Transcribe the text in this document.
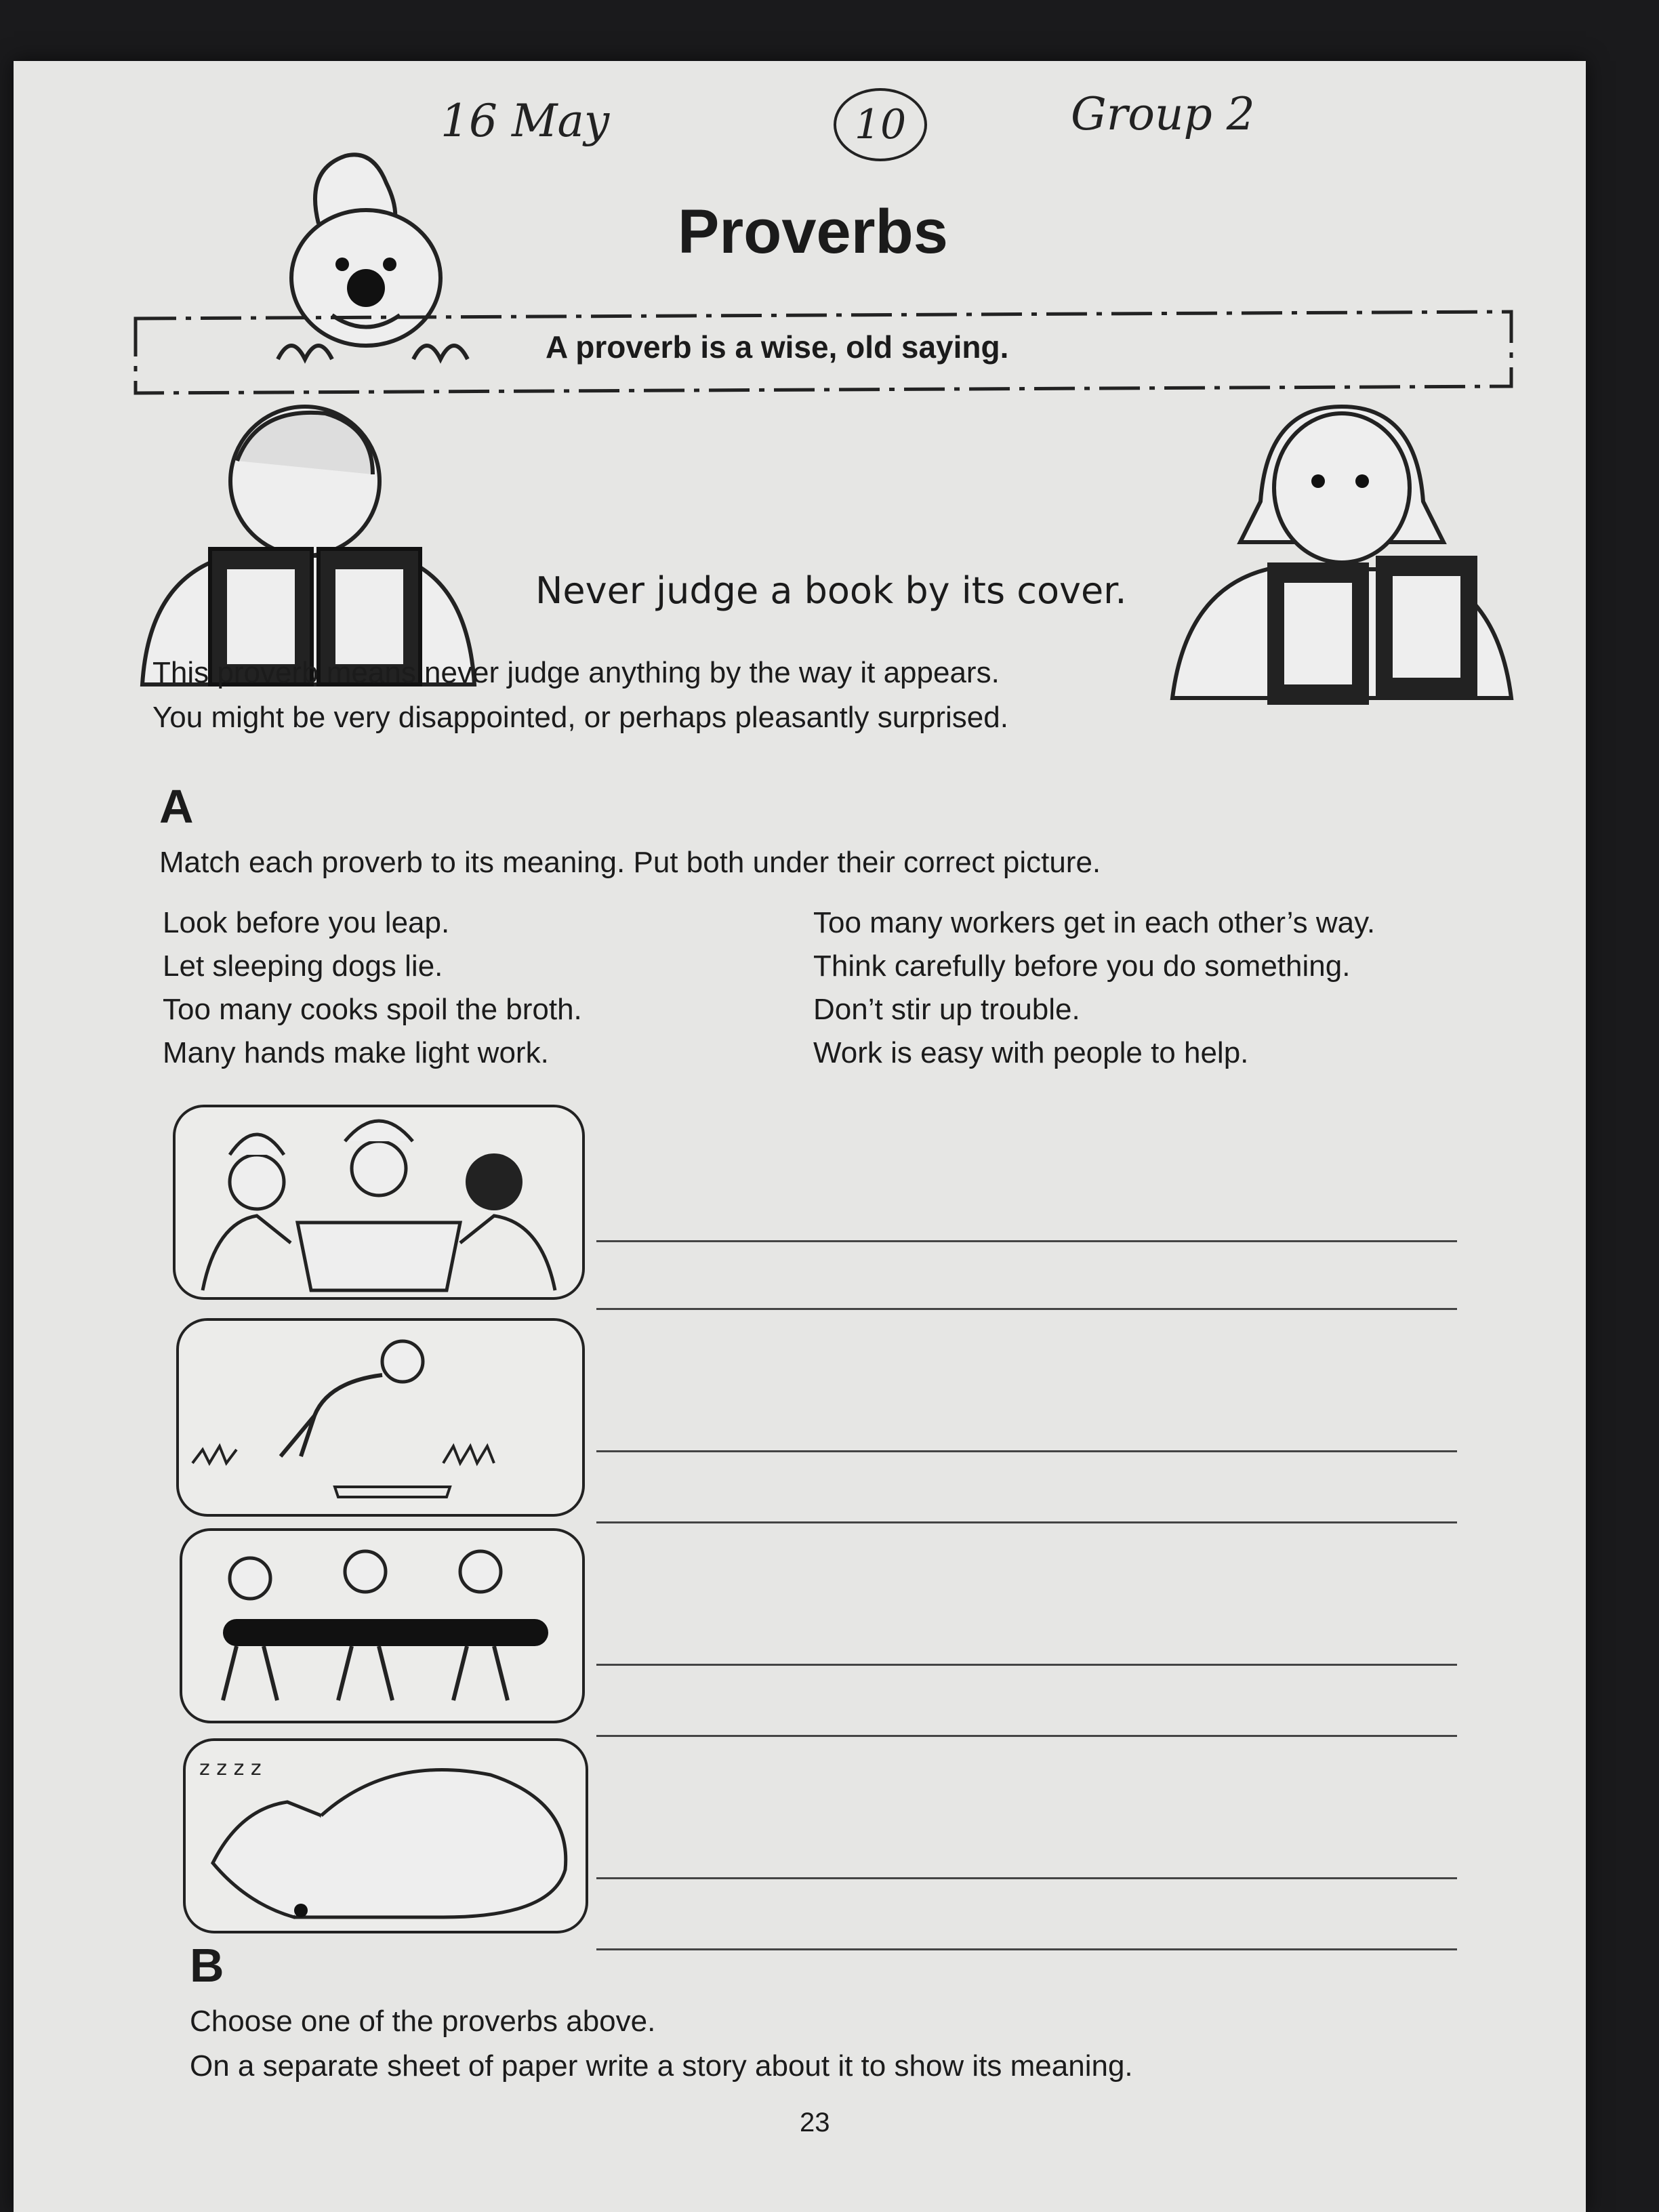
16 May	10	Group 2
Proverbs
A proverb is a wise, old saying.
Never judge a book by its cover.
This proverb means never judge anything by the way it appears.
You might be very disappointed, or perhaps pleasantly surprised.
A
Match each proverb to its meaning. Put both under their correct picture.
Look before you leap.
Let sleeping dogs lie.
Too many cooks spoil the broth.
Many hands make light work.
Too many workers get in each other’s way.
Think carefully before you do something.
Don’t stir up trouble.
Work is easy with people to help.
z z z z
B
Choose one of the proverbs above.
On a separate sheet of paper write a story about it to show its meaning.
23
